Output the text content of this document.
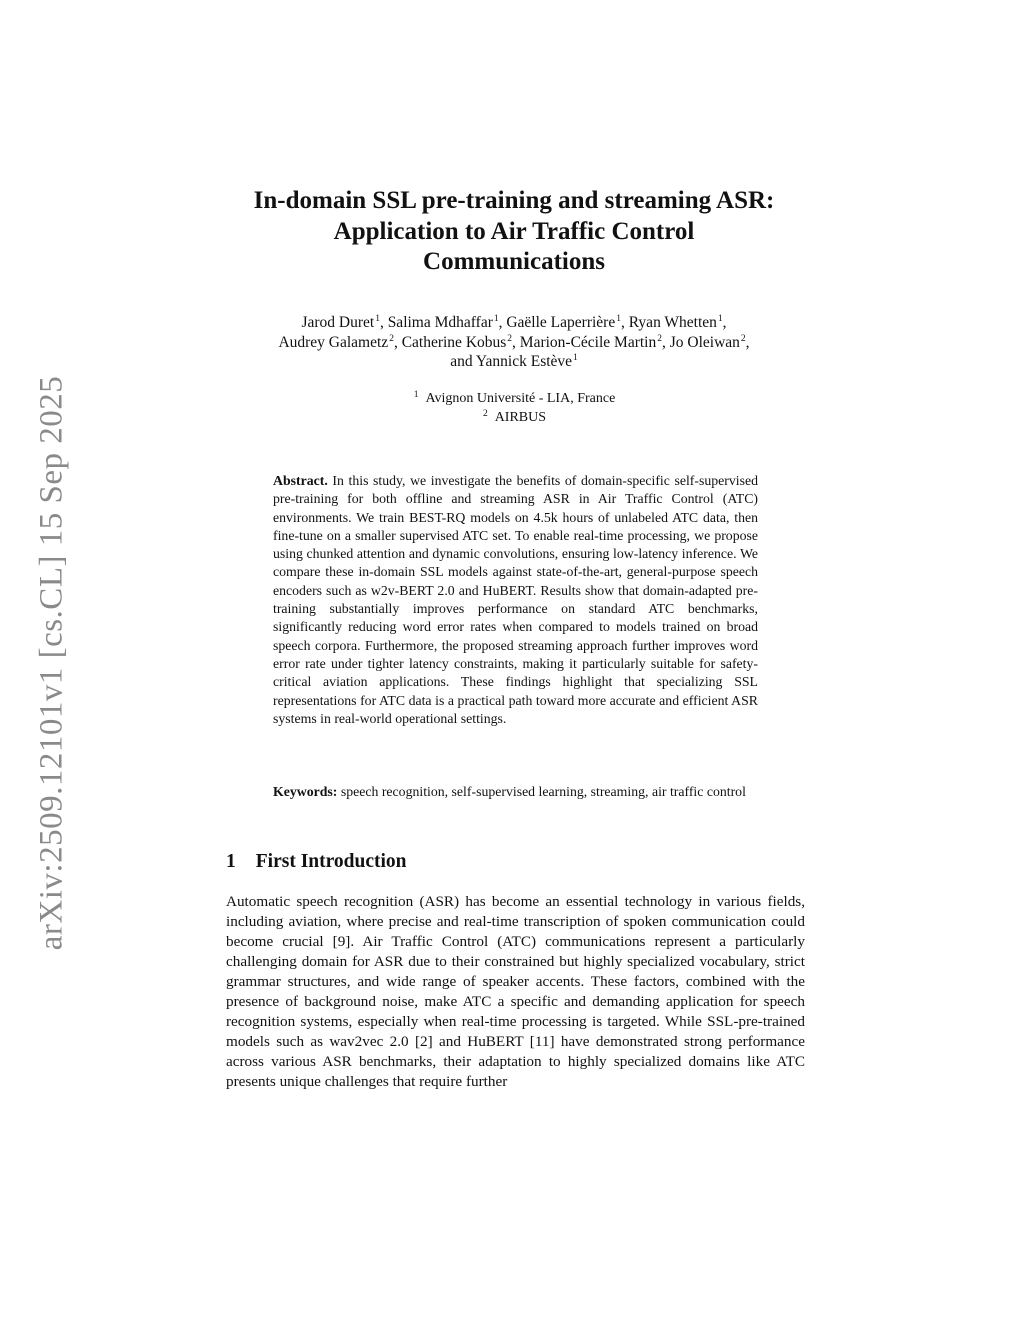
arXiv:2509.12101v1 [cs.CL] 15 Sep 2025
In-domain SSL pre-training and streaming ASR:
Application to Air Traffic Control
Communications
Jarod Duret$^1$, Salima Mdhaffar$^1$, Gaëlle Laperrière$^1$, Ryan Whetten$^1$,
Audrey Galametz$^2$, Catherine Kobus$^2$, Marion-Cécile Martin$^2$, Jo Oleiwan$^2$,
and Yannick Estève$^1$
$^1$ Avignon Université - LIA, France
$^2$ AIRBUS
Abstract. In this study, we investigate the benefits of domain-specific self-supervised pre-training for both offline and streaming ASR in Air Traffic Control (ATC) environments. We train BEST-RQ models on 4.5k hours of unlabeled ATC data, then fine-tune on a smaller supervised ATC set. To enable real-time processing, we propose using chunked attention and dynamic convolutions, ensuring low-latency inference. We compare these in-domain SSL models against state-of-the-art, general-purpose speech encoders such as w2v-BERT 2.0 and HuBERT. Results show that domain-adapted pre-training substantially improves performance on standard ATC benchmarks, significantly reducing word error rates when compared to models trained on broad speech corpora. Furthermore, the proposed streaming approach further improves word error rate under tighter latency constraints, making it particularly suitable for safety-critical aviation applications. These findings highlight that specializing SSL representations for ATC data is a practical path toward more accurate and efficient ASR systems in real-world operational settings.
Keywords: speech recognition, self-supervised learning, streaming, air traffic control
1 First Introduction
Automatic speech recognition (ASR) has become an essential technology in various fields, including aviation, where precise and real-time transcription of spoken communication could become crucial [9]. Air Traffic Control (ATC) communications represent a particularly challenging domain for ASR due to their constrained but highly specialized vocabulary, strict grammar structures, and wide range of speaker accents. These factors, combined with the presence of background noise, make ATC a specific and demanding application for speech recognition systems, especially when real-time processing is targeted. While SSL-pre-trained models such as wav2vec 2.0 [2] and HuBERT [11] have demonstrated strong performance across various ASR benchmarks, their adaptation to highly specialized domains like ATC presents unique challenges that require further
